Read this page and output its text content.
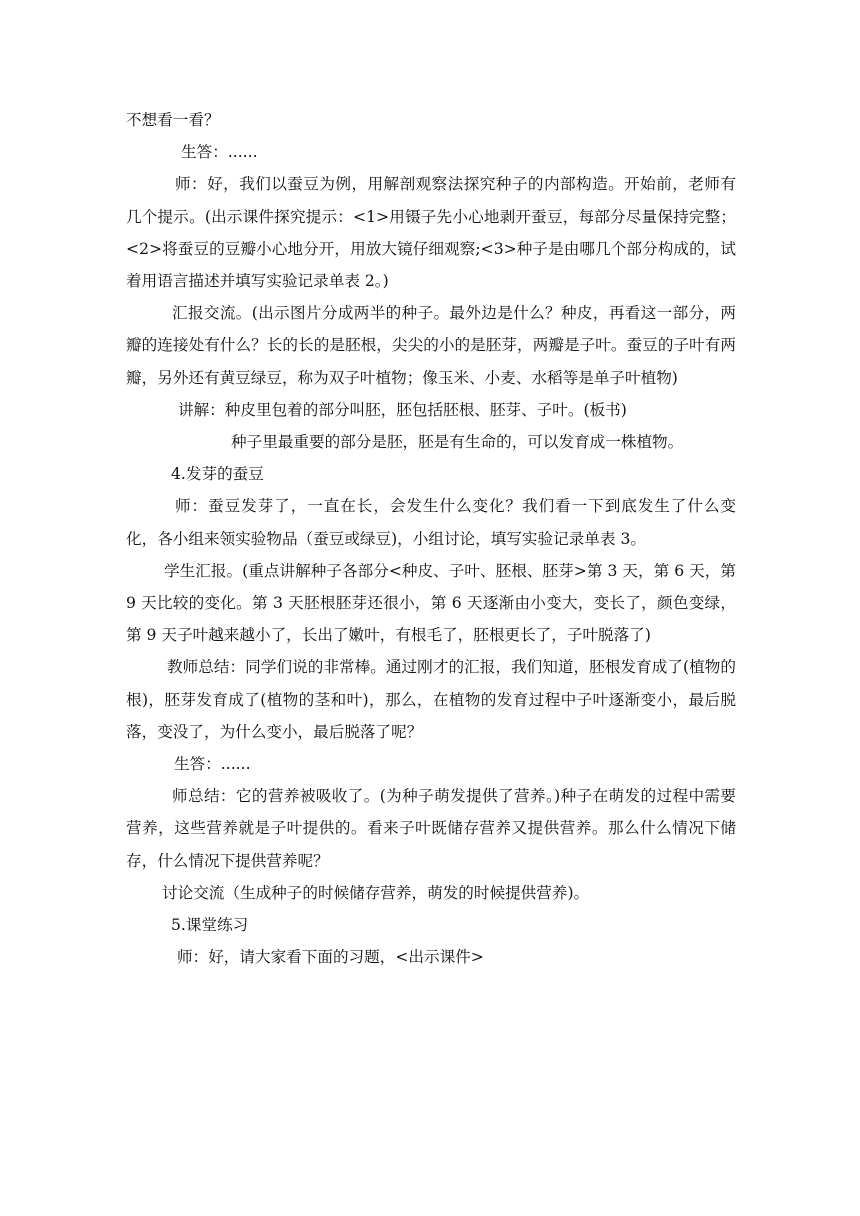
不想看一看？

生答：......

师：好，我们以蚕豆为例，用解剖观察法探究种子的内部构造。开始前，老师有几个提示。(出示课件探究提示：<1>用镊子先小心地剥开蚕豆，每部分尽量保持完整；<2>将蚕豆的豆瓣小心地分开，用放大镜仔细观察;<3>种子是由哪几个部分构成的，试着用语言描述并填写实验记录单表 2。)

汇报交流。(出示图片分成两半的种子。最外边是什么？种皮，再看这一部分，两瓣的连接处有什么？长的长的是胚根，尖尖的小的是胚芽，两瓣是子叶。蚕豆的子叶有两瓣，另外还有黄豆绿豆，称为双子叶植物；像玉米、小麦、水稻等是单子叶植物)

讲解：种皮里包着的部分叫胚，胚包括胚根、胚芽、子叶。(板书)

种子里最重要的部分是胚，胚是有生命的，可以发育成一株植物。

4.发芽的蚕豆

师：蚕豆发芽了，一直在长，会发生什么变化？我们看一下到底发生了什么变化，各小组来领实验物品（蚕豆或绿豆)，小组讨论，填写实验记录单表 3。

学生汇报。(重点讲解种子各部分<种皮、子叶、胚根、胚芽>第 3 天，第 6 天，第 9 天比较的变化。第 3 天胚根胚芽还很小，第 6 天逐渐由小变大，变长了，颜色变绿，第 9 天子叶越来越小了，长出了嫩叶，有根毛了，胚根更长了，子叶脱落了)

教师总结：同学们说的非常棒。通过刚才的汇报，我们知道，胚根发育成了(植物的根)，胚芽发育成了(植物的茎和叶)，那么，在植物的发育过程中子叶逐渐变小，最后脱落，变没了，为什么变小，最后脱落了呢？

生答：......

师总结：它的营养被吸收了。(为种子萌发提供了营养。)种子在萌发的过程中需要营养，这些营养就是子叶提供的。看来子叶既储存营养又提供营养。那么什么情况下储存，什么情况下提供营养呢？

讨论交流（生成种子的时候储存营养，萌发的时候提供营养)。

5.课堂练习

师：好，请大家看下面的习题，<出示课件>
